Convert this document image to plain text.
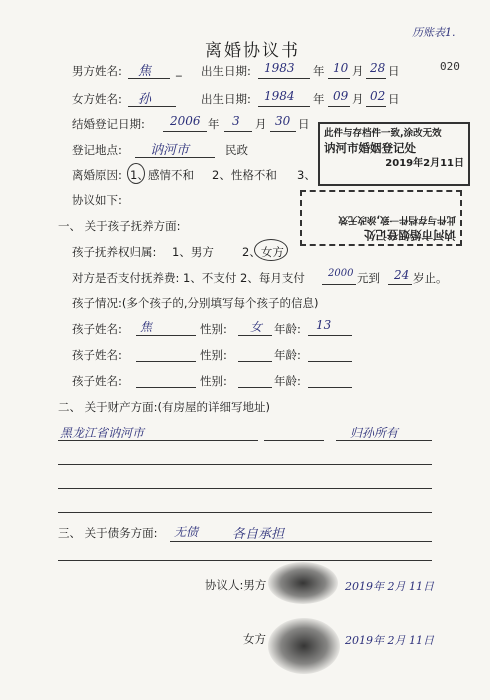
历账表1.
020
离婚协议书
男方姓名: 焦 _ 出生日期: 1983 年 10 月 28 日
女方姓名: 孙	出生日期: 1984 年 09 月 02 日
结婚登记日期: 2006 年 3 月 30 日
登记地点: 讷河市	民政
离婚原因: 1、 感情不和 2、性格不和 3、
协议如下:
此件与存档件一致,涂改无效
讷河市婚姻登记处
2019年2月11日
讷河市婚姻登记处
此件与存档件一致,涂改无效
一、 关于孩子抚养方面:
孩子抚养权归属: 1、男方 2、女方
对方是否支付抚养费: 1、不支付 2、每月支付 2000 元到 24 岁止。
孩子情况:(多个孩子的,分别填写每个孩子的信息)
孩子姓名: 焦	性别: 女 年龄: 13
孩子姓名:	性别:	年龄:
孩子姓名:	性别:	年龄:
二、 关于财产方面:(有房屋的详细写地址)
黑龙江省讷河市	归孙所有
三、 关于债务方面: 无债	各自承担
协议人:男方	2019年 2月 11日
女方	2019年 2月 11日
